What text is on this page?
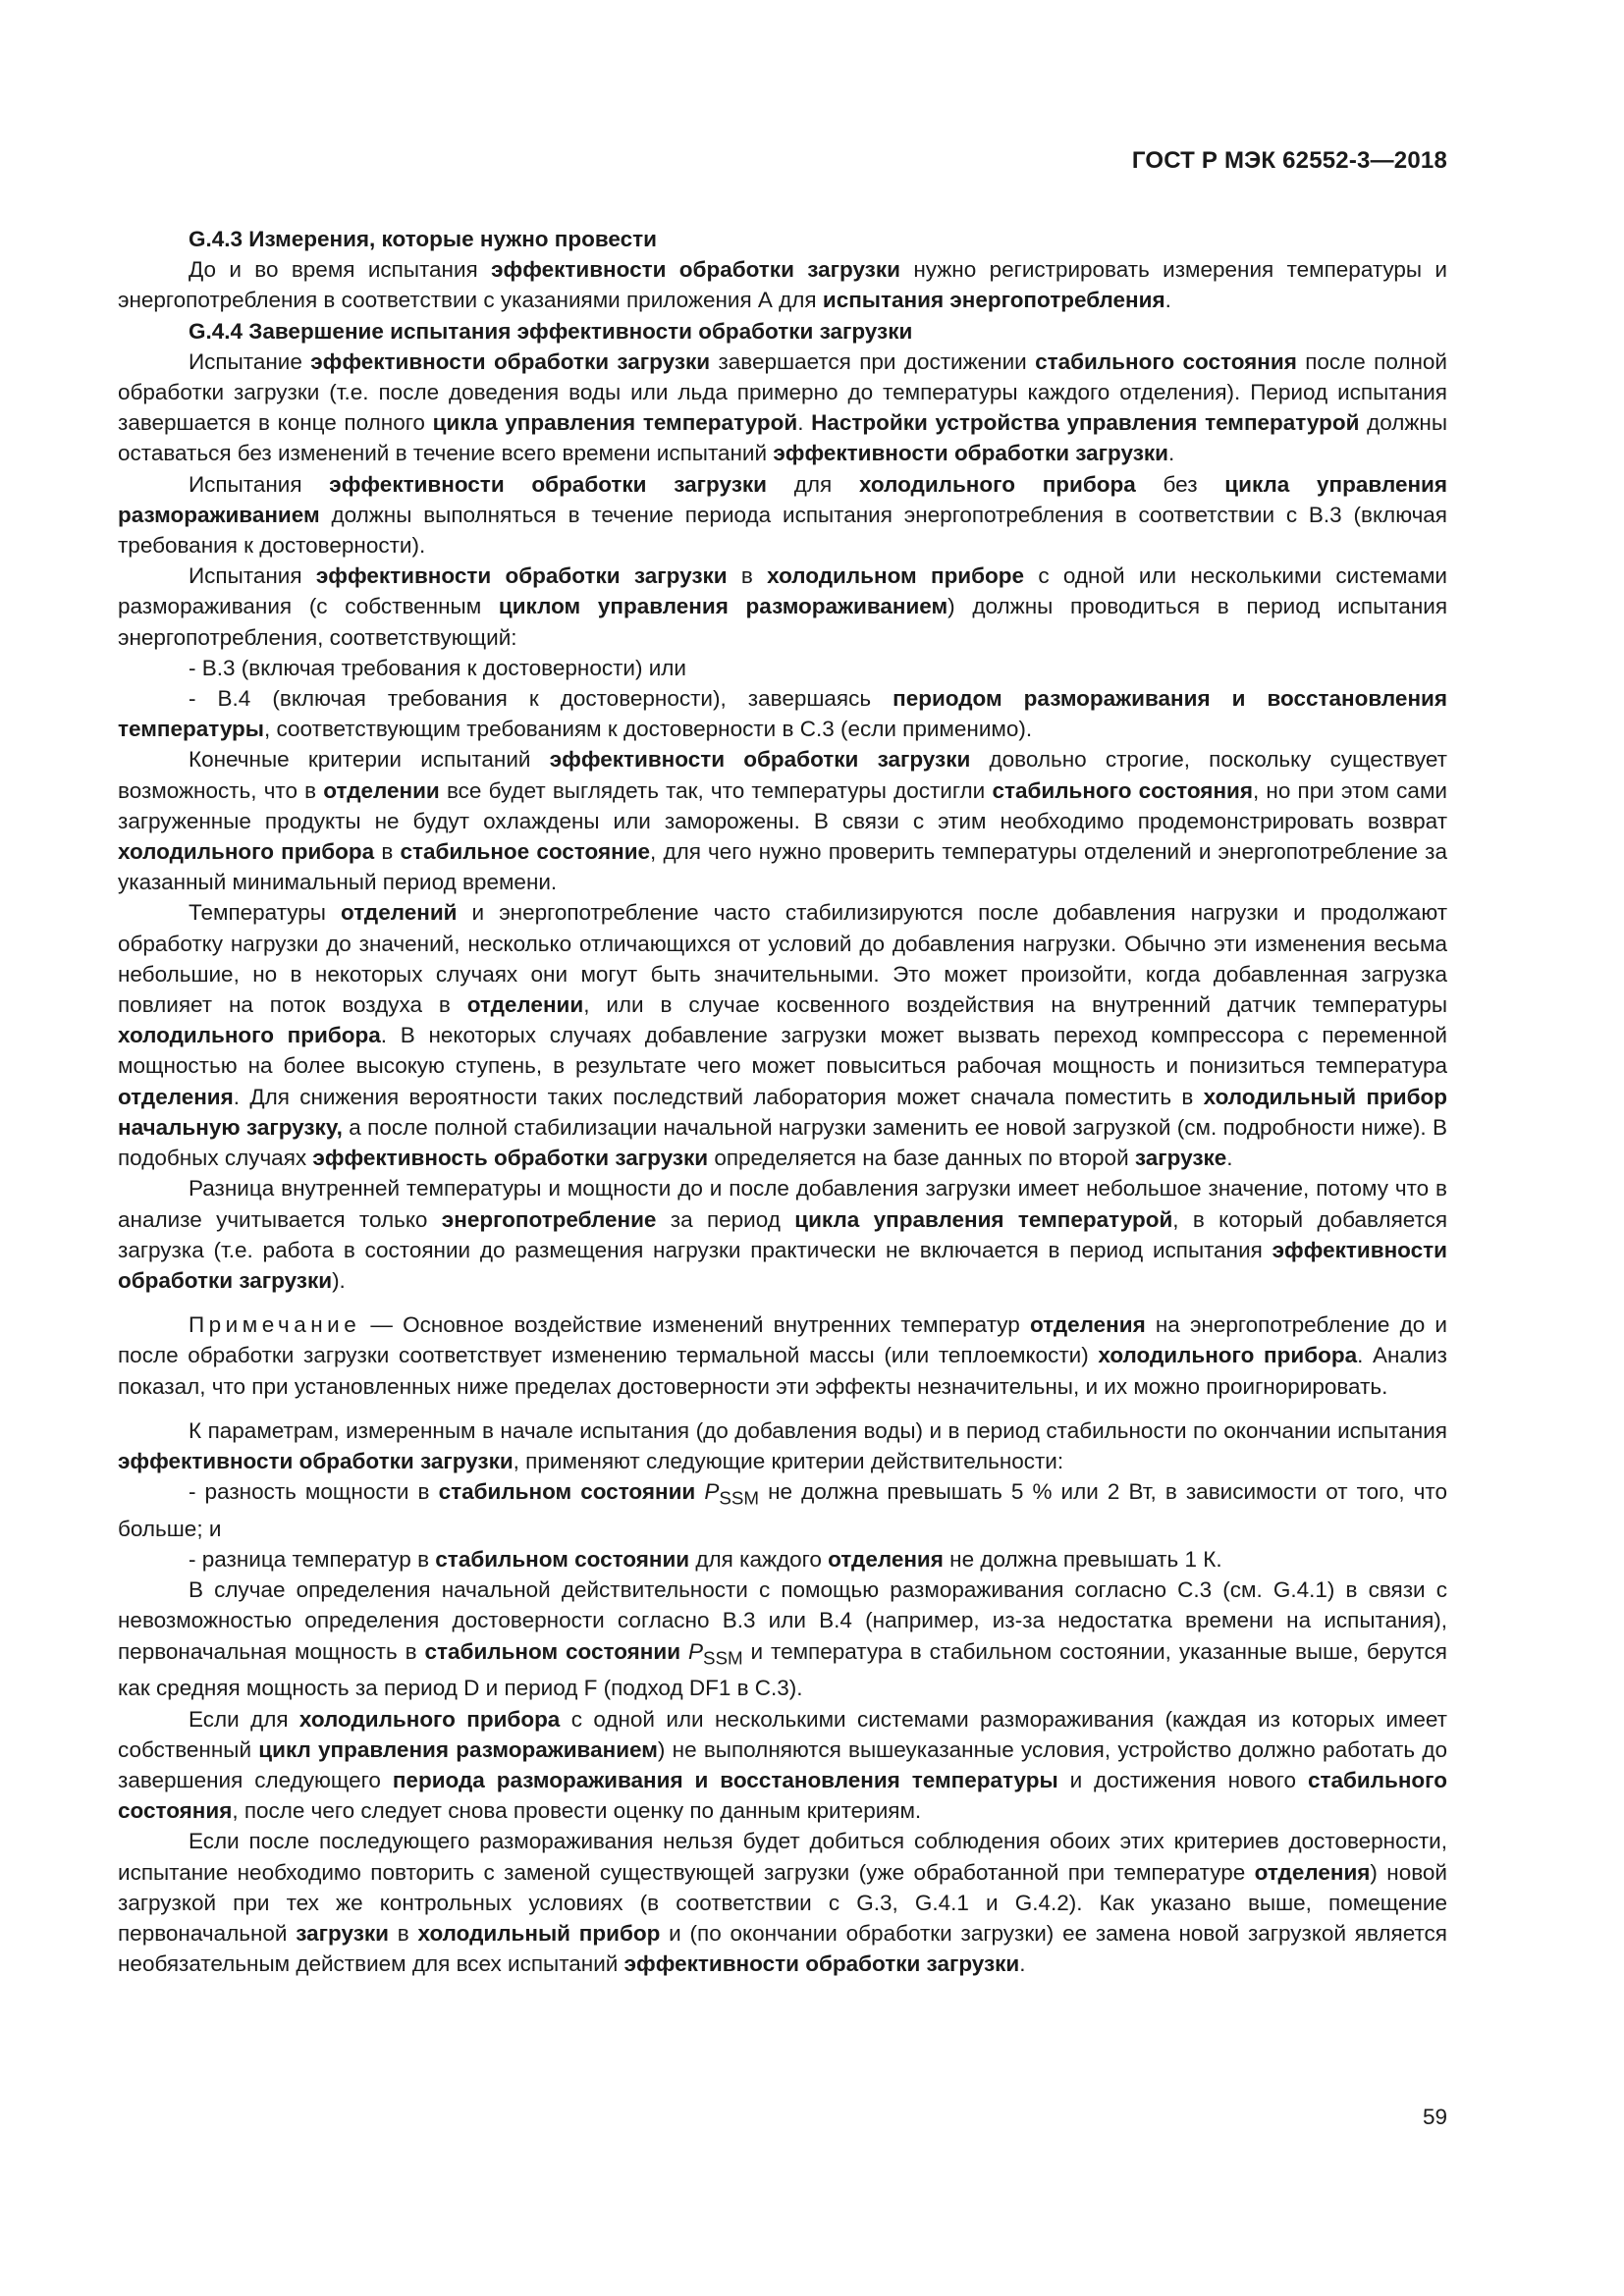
ГОСТ Р МЭК 62552-3—2018

G.4.3 Измерения, которые нужно провести

До и во время испытания эффективности обработки загрузки нужно регистрировать измерения температуры и энергопотребления в соответствии с указаниями приложения А для испытания энергопотребления.

G.4.4 Завершение испытания эффективности обработки загрузки

Испытание эффективности обработки загрузки завершается при достижении стабильного состояния после полной обработки загрузки (т.е. после доведения воды или льда примерно до температуры каждого отделения). Период испытания завершается в конце полного цикла управления температурой. Настройки устройства управления температурой должны оставаться без изменений в течение всего времени испытаний эффективности обработки загрузки.

Испытания эффективности обработки загрузки для холодильного прибора без цикла управления размораживанием должны выполняться в течение периода испытания энергопотребления в соответствии с В.3 (включая требования к достоверности).

Испытания эффективности обработки загрузки в холодильном приборе с одной или несколькими системами размораживания (с собственным циклом управления размораживанием) должны проводиться в период испытания энергопотребления, соответствующий:

- В.3 (включая требования к достоверности) или

- В.4 (включая требования к достоверности), завершаясь периодом размораживания и восстановления температуры, соответствующим требованиям к достоверности в С.3 (если применимо).

Конечные критерии испытаний эффективности обработки загрузки довольно строгие, поскольку существует возможность, что в отделении все будет выглядеть так, что температуры достигли стабильного состояния, но при этом сами загруженные продукты не будут охлаждены или заморожены. В связи с этим необходимо продемонстрировать возврат холодильного прибора в стабильное состояние, для чего нужно проверить температуры отделений и энергопотребление за указанный минимальный период времени.

Температуры отделений и энергопотребление часто стабилизируются после добавления нагрузки и продолжают обработку нагрузки до значений, несколько отличающихся от условий до добавления нагрузки. Обычно эти изменения весьма небольшие, но в некоторых случаях они могут быть значительными. Это может произойти, когда добавленная загрузка повлияет на поток воздуха в отделении, или в случае косвенного воздействия на внутренний датчик температуры холодильного прибора. В некоторых случаях добавление загрузки может вызвать переход компрессора с переменной мощностью на более высокую ступень, в результате чего может повыситься рабочая мощность и понизиться температура отделения. Для снижения вероятности таких последствий лаборатория может сначала поместить в холодильный прибор начальную загрузку, а после полной стабилизации начальной нагрузки заменить ее новой загрузкой (см. подробности ниже). В подобных случаях эффективность обработки загрузки определяется на базе данных по второй загрузке.

Разница внутренней температуры и мощности до и после добавления загрузки имеет небольшое значение, потому что в анализе учитывается только энергопотребление за период цикла управления температурой, в который добавляется загрузка (т.е. работа в состоянии до размещения нагрузки практически не включается в период испытания эффективности обработки загрузки).

Примечание — Основное воздействие изменений внутренних температур отделения на энергопотребление до и после обработки загрузки соответствует изменению термальной массы (или теплоемкости) холодильного прибора. Анализ показал, что при установленных ниже пределах достоверности эти эффекты незначительны, и их можно проигнорировать.

К параметрам, измеренным в начале испытания (до добавления воды) и в период стабильности по окончании испытания эффективности обработки загрузки, применяют следующие критерии действительности:

- разность мощности в стабильном состоянии $P_{SSM}$ не должна превышать 5 % или 2 Вт, в зависимости от того, что больше; и

- разница температур в стабильном состоянии для каждого отделения не должна превышать 1 К.

В случае определения начальной действительности с помощью размораживания согласно С.3 (см. G.4.1) в связи с невозможностью определения достоверности согласно В.3 или В.4 (например, из-за недостатка времени на испытания), первоначальная мощность в стабильном состоянии $P_{SSM}$ и температура в стабильном состоянии, указанные выше, берутся как средняя мощность за период D и период F (подход DF1 в С.3).

Если для холодильного прибора с одной или несколькими системами размораживания (каждая из которых имеет собственный цикл управления размораживанием) не выполняются вышеуказанные условия, устройство должно работать до завершения следующего периода размораживания и восстановления температуры и достижения нового стабильного состояния, после чего следует снова провести оценку по данным критериям.

Если после последующего размораживания нельзя будет добиться соблюдения обоих этих критериев достоверности, испытание необходимо повторить с заменой существующей загрузки (уже обработанной при температуре отделения) новой загрузкой при тех же контрольных условиях (в соответствии с G.3, G.4.1 и G.4.2). Как указано выше, помещение первоначальной загрузки в холодильный прибор и (по окончании обработки загрузки) ее замена новой загрузкой является необязательным действием для всех испытаний эффективности обработки загрузки.

59
